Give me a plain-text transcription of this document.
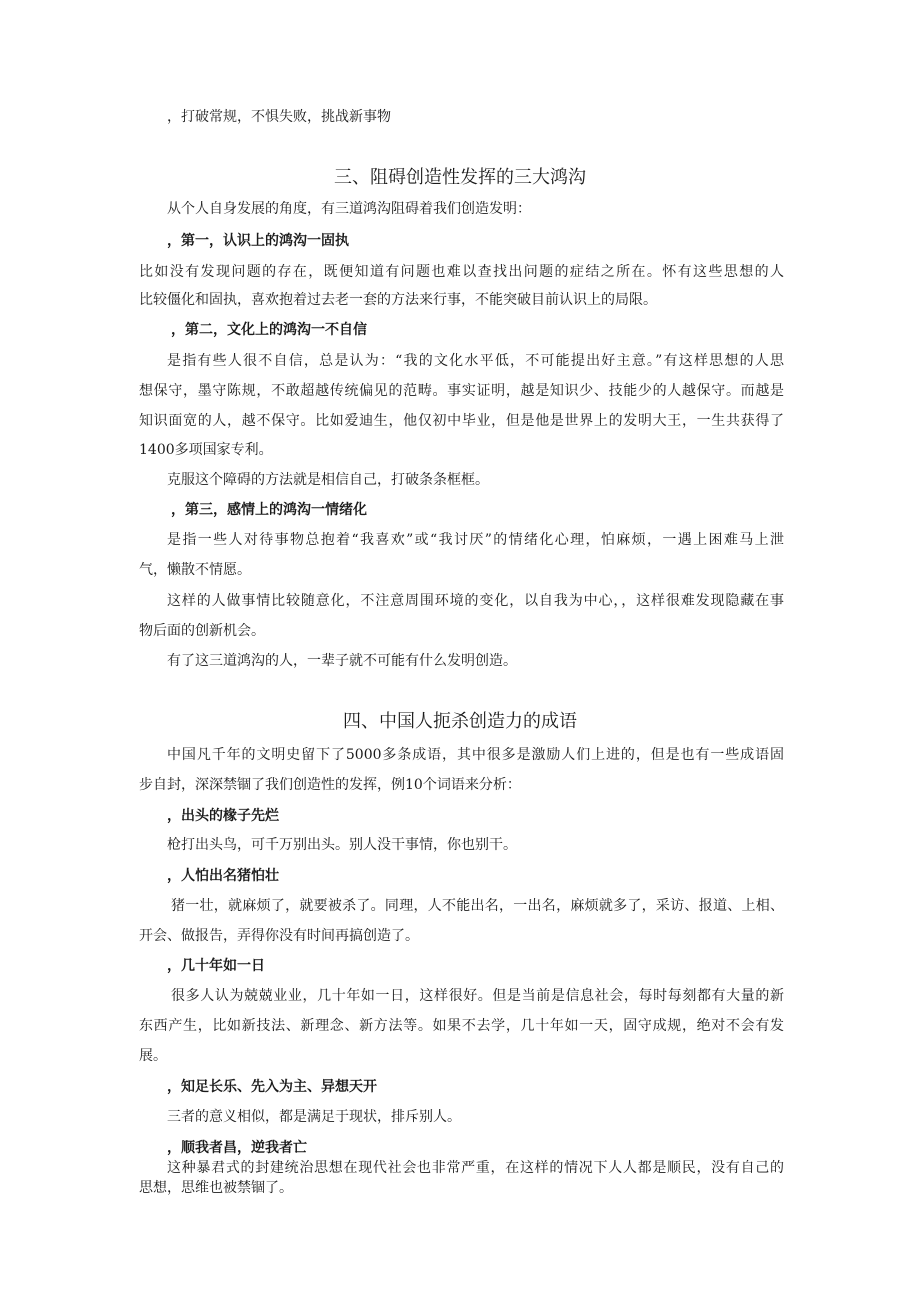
，打破常规，不惧失败，挑战新事物
三、阻碍创造性发挥的三大鸿沟
从个人自身发展的角度，有三道鸿沟阻碍着我们创造发明：
，第一，认识上的鸿沟一固执
比如没有发现问题的存在，既便知道有问题也难以查找出问题的症结之所在。怀有这些思想的人
比较僵化和固执，喜欢抱着过去老一套的方法来行事，不能突破目前认识上的局限。
，第二，文化上的鸿沟一不自信
是指有些人很不自信，总是认为：“我的文化水平低，不可能提出好主意。”有这样思想的人思
想保守，墨守陈规，不敢超越传统偏见的范畴。事实证明，越是知识少、技能少的人越保守。而越是
知识面宽的人，越不保守。比如爱迪生，他仅初中毕业，但是他是世界上的发明大王，一生共获得了
1400多项国家专利。
克服这个障碍的方法就是相信自己，打破条条框框。
，第三，感情上的鸿沟一情绪化
是指一些人对待事物总抱着“我喜欢”或“我讨厌”的情绪化心理，怕麻烦，一遇上困难马上泄
气，懒散不情愿。
这样的人做事情比较随意化，不注意周围环境的变化，以自我为中心，，这样很难发现隐藏在事
物后面的创新机会。
有了这三道鸿沟的人，一辈子就不可能有什么发明创造。
四、中国人扼杀创造力的成语
中国凡千年的文明史留下了5000多条成语，其中很多是激励人们上进的，但是也有一些成语固
步自封，深深禁锢了我们创造性的发挥，例10个词语来分析：
，出头的椽子先烂
枪打出头鸟，可千万别出头。别人没干事情，你也别干。
，人怕出名猪怕壮
猪一壮，就麻烦了，就要被杀了。同理，人不能出名，一出名，麻烦就多了，采访、报道、上相、
开会、做报告，弄得你没有时间再搞创造了。
，几十年如一日
很多人认为兢兢业业，几十年如一日，这样很好。但是当前是信息社会，每时每刻都有大量的新
东西产生，比如新技法、新理念、新方法等。如果不去学，几十年如一天，固守成规，绝对不会有发
展。
，知足长乐、先入为主、异想天开
三者的意义相似，都是满足于现状，排斥别人。
，顺我者昌，逆我者亡
这种暴君式的封建统治思想在现代社会也非常严重，在这样的情况下人人都是顺民，没有自己的
思想，思维也被禁锢了。
